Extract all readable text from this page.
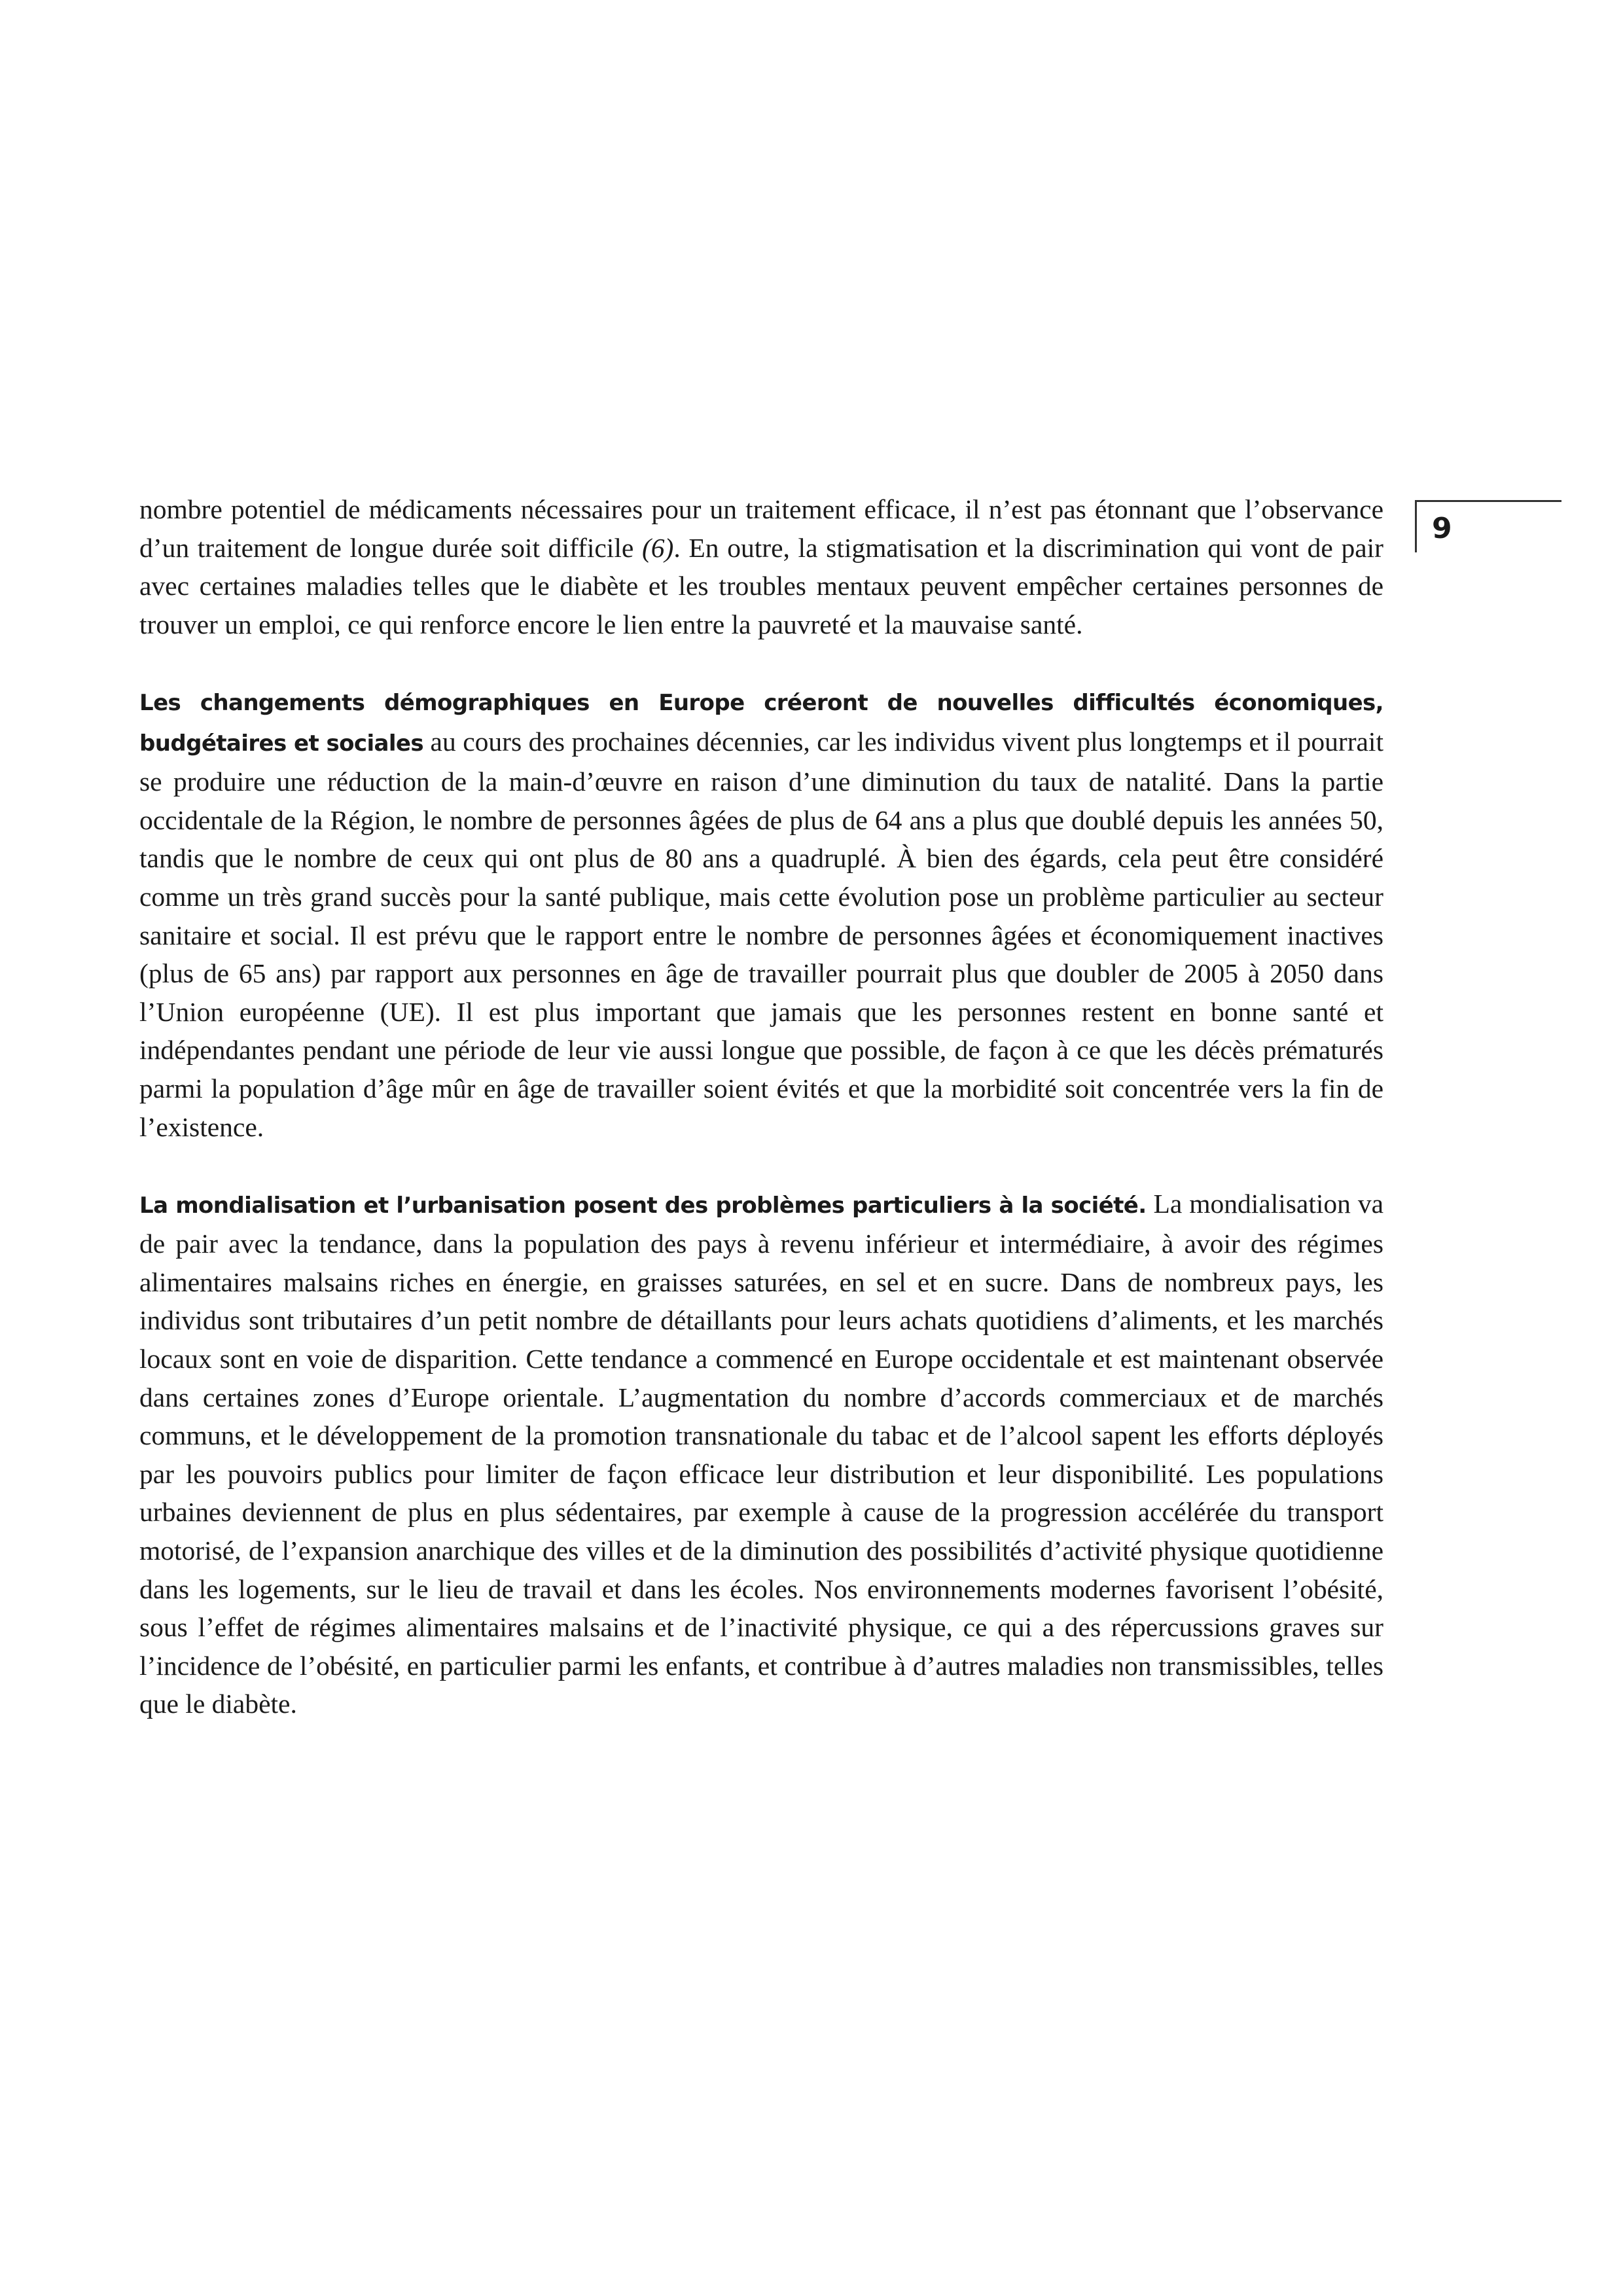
9

nombre potentiel de médicaments nécessaires pour un traitement efficace, il n’est pas étonnant que l’observance d’un traitement de longue durée soit difficile (6). En outre, la stigmatisation et la discrimination qui vont de pair avec certaines maladies telles que le diabète et les troubles mentaux peuvent empêcher certaines personnes de trouver un emploi, ce qui renforce encore le lien entre la pauvreté et la mauvaise santé.

Les changements démographiques en Europe créeront de nouvelles difficultés économiques, budgétaires et sociales au cours des prochaines décennies, car les individus vivent plus longtemps et il pourrait se produire une réduction de la main-d’œuvre en raison d’une diminution du taux de natalité. Dans la partie occidentale de la Région, le nombre de personnes âgées de plus de 64 ans a plus que doublé depuis les années 50, tandis que le nombre de ceux qui ont plus de 80 ans a quadruplé. À bien des égards, cela peut être considéré comme un très grand succès pour la santé publique, mais cette évolution pose un problème particulier au secteur sanitaire et social. Il est prévu que le rapport entre le nombre de personnes âgées et économiquement inactives (plus de 65 ans) par rapport aux personnes en âge de travailler pourrait plus que doubler de 2005 à 2050 dans l’Union européenne (UE). Il est plus important que jamais que les personnes restent en bonne santé et indépendantes pendant une période de leur vie aussi longue que possible, de façon à ce que les décès prématurés parmi la population d’âge mûr en âge de travailler soient évités et que la morbidité soit concentrée vers la fin de l’existence.

La mondialisation et l’urbanisation posent des problèmes particuliers à la société. La mondialisation va de pair avec la tendance, dans la population des pays à revenu inférieur et intermédiaire, à avoir des régimes alimentaires malsains riches en énergie, en graisses saturées, en sel et en sucre. Dans de nombreux pays, les individus sont tributaires d’un petit nombre de détaillants pour leurs achats quotidiens d’aliments, et les marchés locaux sont en voie de disparition. Cette tendance a commencé en Europe occidentale et est maintenant observée dans certaines zones d’Europe orientale. L’augmentation du nombre d’accords commerciaux et de marchés communs, et le développement de la promotion transnationale du tabac et de l’alcool sapent les efforts déployés par les pouvoirs publics pour limiter de façon efficace leur distribution et leur disponibilité. Les populations urbaines deviennent de plus en plus sédentaires, par exemple à cause de la progression accélérée du transport motorisé, de l’expansion anarchique des villes et de la diminution des possibilités d’activité physique quotidienne dans les logements, sur le lieu de travail et dans les écoles. Nos environnements modernes favorisent l’obésité, sous l’effet de régimes alimentaires malsains et de l’inactivité physique, ce qui a des répercussions graves sur l’incidence de l’obésité, en particulier parmi les enfants, et contribue à d’autres maladies non transmissibles, telles que le diabète.
